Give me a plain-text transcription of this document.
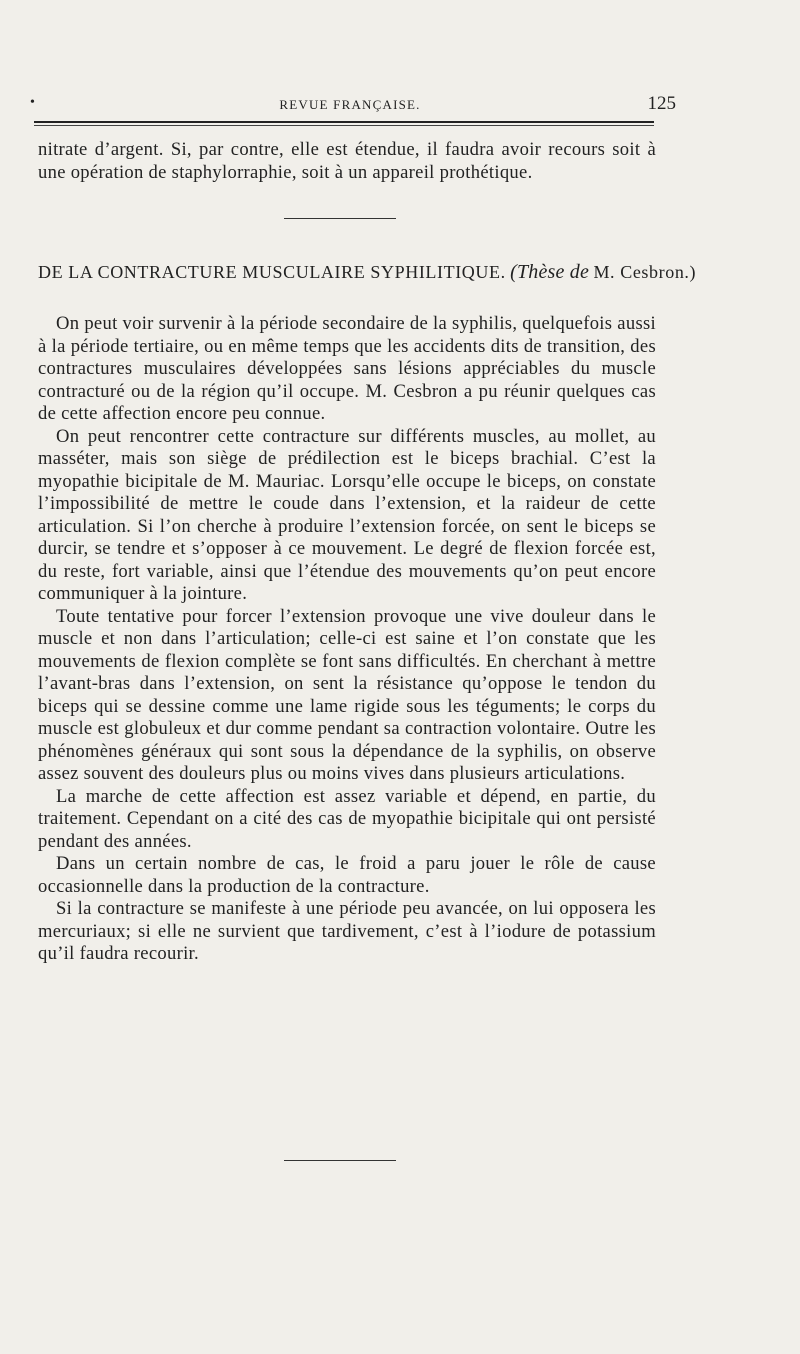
•	REVUE FRANÇAISE.	125

nitrate d’argent. Si, par contre, elle est étendue, il faudra avoir recours soit à une opération de staphylorraphie, soit à un appareil prothétique.

DE LA CONTRACTURE MUSCULAIRE SYPHILITIQUE. (Thèse de M. Cesbron.)

On peut voir survenir à la période secondaire de la syphilis, quelquefois aussi à la période tertiaire, ou en même temps que les accidents dits de transition, des contractures musculaires développées sans lésions appréciables du muscle contracturé ou de la région qu’il occupe. M. Cesbron a pu réunir quelques cas de cette affection encore peu connue.

On peut rencontrer cette contracture sur différents muscles, au mollet, au masséter, mais son siège de prédilection est le biceps brachial. C’est la myopathie bicipitale de M. Mauriac. Lorsqu’elle occupe le biceps, on constate l’impossibilité de mettre le coude dans l’extension, et la raideur de cette articulation. Si l’on cherche à produire l’extension forcée, on sent le biceps se durcir, se tendre et s’opposer à ce mouvement. Le degré de flexion forcée est, du reste, fort variable, ainsi que l’étendue des mouvements qu’on peut encore communiquer à la jointure.

Toute tentative pour forcer l’extension provoque une vive douleur dans le muscle et non dans l’articulation; celle-ci est saine et l’on constate que les mouvements de flexion complète se font sans difficultés. En cherchant à mettre l’avant-bras dans l’extension, on sent la résistance qu’oppose le tendon du biceps qui se dessine comme une lame rigide sous les téguments; le corps du muscle est globuleux et dur comme pendant sa contraction volontaire. Outre les phénomènes généraux qui sont sous la dépendance de la syphilis, on observe assez souvent des douleurs plus ou moins vives dans plusieurs articulations.

La marche de cette affection est assez variable et dépend, en partie, du traitement. Cependant on a cité des cas de myopathie bicipitale qui ont persisté pendant des années.

Dans un certain nombre de cas, le froid a paru jouer le rôle de cause occasionnelle dans la production de la contracture.

Si la contracture se manifeste à une période peu avancée, on lui opposera les mercuriaux; si elle ne survient que tardivement, c’est à l’iodure de potassium qu’il faudra recourir.
